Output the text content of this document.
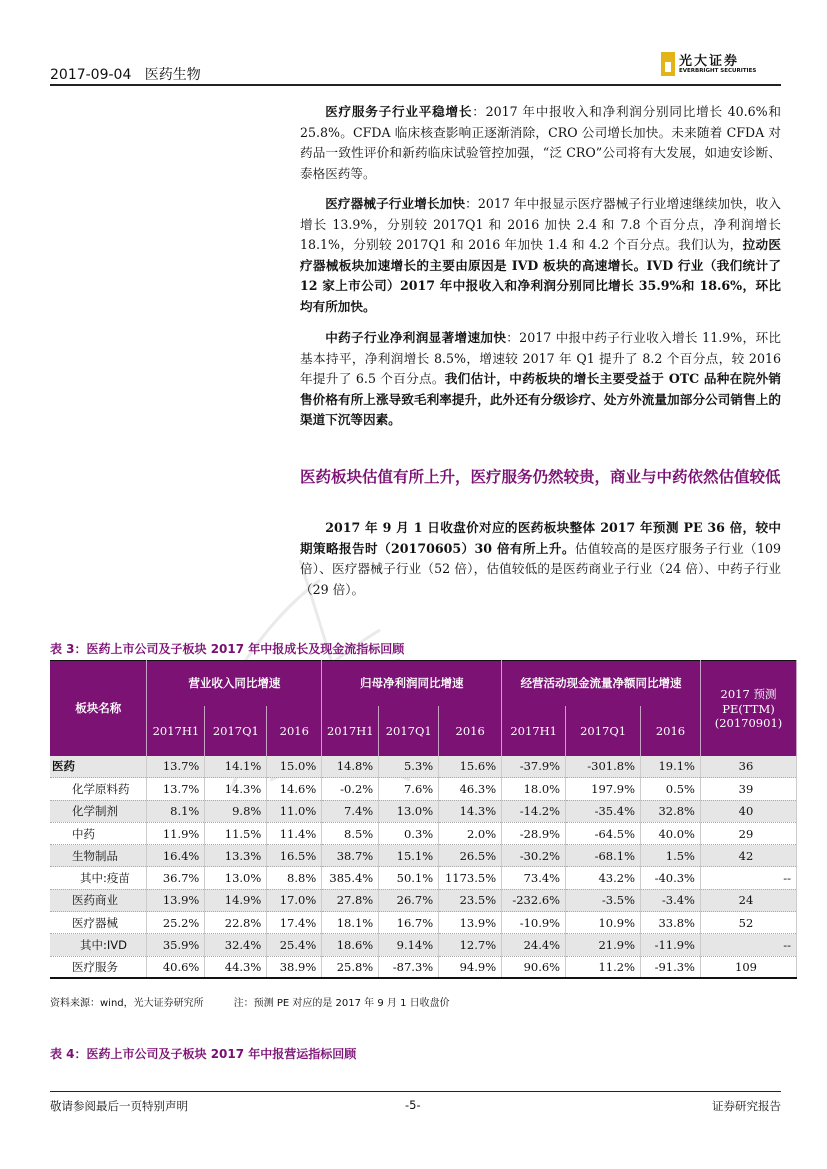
2017-09-04 医药生物
光大证券
EVERBRIGHT SECURITIES

医疗服务子行业平稳增长：2017 年中报收入和净利润分别同比增长 40.6%和 25.8%。CFDA 临床核查影响正逐渐消除，CRO 公司增长加快。未来随着 CFDA 对药品一致性评价和新药临床试验管控加强，“泛 CRO”公司将有大发展，如迪安诊断、泰格医药等。

医疗器械子行业增长加快：2017 年中报显示医疗器械子行业增速继续加快，收入增长 13.9%，分别较 2017Q1 和 2016 加快 2.4 和 7.8 个百分点，净利润增长 18.1%，分别较 2017Q1 和 2016 年加快 1.4 和 4.2 个百分点。我们认为，拉动医疗器械板块加速增长的主要由原因是 IVD 板块的高速增长。IVD 行业（我们统计了 12 家上市公司）2017 年中报收入和净利润分别同比增长 35.9%和 18.6%，环比均有所加快。

中药子行业净利润显著增速加快：2017 中报中药子行业收入增长 11.9%，环比基本持平，净利润增长 8.5%，增速较 2017 年 Q1 提升了 8.2 个百分点，较 2016 年提升了 6.5 个百分点。我们估计，中药板块的增长主要受益于 OTC 品种在院外销售价格有所上涨导致毛利率提升，此外还有分级诊疗、处方外流量加部分公司销售上的渠道下沉等因素。

医药板块估值有所上升，医疗服务仍然较贵，商业与中药依然估值较低

2017 年 9 月 1 日收盘价对应的医药板块整体 2017 年预测 PE 36 倍，较中期策略报告时（20170605）30 倍有所上升。估值较高的是医疗服务子行业（109 倍）、医疗器械子行业（52 倍），估值较低的是医药商业子行业（24 倍）、中药子行业（29 倍）。

表 3：医药上市公司及子板块 2017 年中报成长及现金流指标回顾
板块名称	营业收入同比增速			归母净利润同比增速			经营活动现金流量净额同比增速			2017 预测 PE(TTM) (20170901)
	2017H1	2017Q1	2016	2017H1	2017Q1	2016	2017H1	2017Q1	2016	
医药	13.7%	14.1%	15.0%	14.8%	5.3%	15.6%	-37.9%	-301.8%	19.1%	36
化学原料药	13.7%	14.3%	14.6%	-0.2%	7.6%	46.3%	18.0%	197.9%	0.5%	39
化学制剂	8.1%	9.8%	11.0%	7.4%	13.0%	14.3%	-14.2%	-35.4%	32.8%	40
中药	11.9%	11.5%	11.4%	8.5%	0.3%	2.0%	-28.9%	-64.5%	40.0%	29
生物制品	16.4%	13.3%	16.5%	38.7%	15.1%	26.5%	-30.2%	-68.1%	1.5%	42
其中:疫苗	36.7%	13.0%	8.8%	385.4%	50.1%	1173.5%	73.4%	43.2%	-40.3%	--
医药商业	13.9%	14.9%	17.0%	27.8%	26.7%	23.5%	-232.6%	-3.5%	-3.4%	24
医疗器械	25.2%	22.8%	17.4%	18.1%	16.7%	13.9%	-10.9%	10.9%	33.8%	52
其中:IVD	35.9%	32.4%	25.4%	18.6%	9.14%	12.7%	24.4%	21.9%	-11.9%	--
医疗服务	40.6%	44.3%	38.9%	25.8%	-87.3%	94.9%	90.6%	11.2%	-91.3%	109
资料来源：wind，光大证券研究所	注：预测 PE 对应的是 2017 年 9 月 1 日收盘价
表 4：医药上市公司及子板块 2017 年中报营运指标回顾
敬请参阅最后一页特别声明	-5-	证券研究报告
